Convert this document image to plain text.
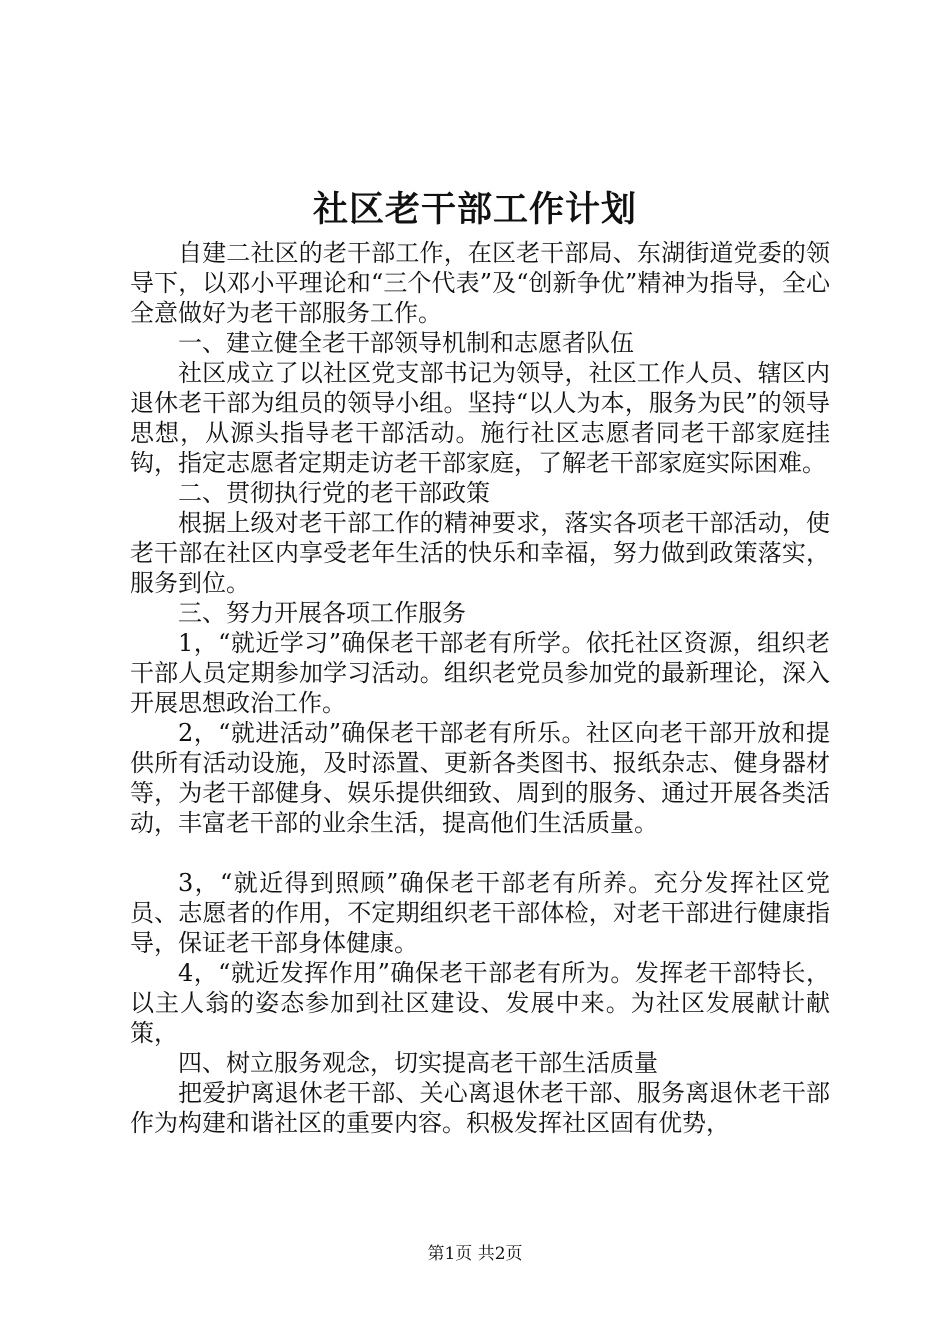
社区老干部工作计划

自建二社区的老干部工作，在区老干部局、东湖街道党委的领导下，以邓小平理论和“三个代表”及“创新争优”精神为指导，全心全意做好为老干部服务工作。

一、建立健全老干部领导机制和志愿者队伍

社区成立了以社区党支部书记为领导，社区工作人员、辖区内退休老干部为组员的领导小组。坚持“以人为本，服务为民”的领导思想，从源头指导老干部活动。施行社区志愿者同老干部家庭挂钩，指定志愿者定期走访老干部家庭，了解老干部家庭实际困难。

二、贯彻执行党的老干部政策

根据上级对老干部工作的精神要求，落实各项老干部活动，使老干部在社区内享受老年生活的快乐和幸福，努力做到政策落实，服务到位。

三、努力开展各项工作服务

1，“就近学习”确保老干部老有所学。依托社区资源，组织老干部人员定期参加学习活动。组织老党员参加党的最新理论，深入开展思想政治工作。

2，“就进活动”确保老干部老有所乐。社区向老干部开放和提供所有活动设施，及时添置、更新各类图书、报纸杂志、健身器材等，为老干部健身、娱乐提供细致、周到的服务、通过开展各类活动，丰富老干部的业余生活，提高他们生活质量。

3，“就近得到照顾”确保老干部老有所养。充分发挥社区党员、志愿者的作用，不定期组织老干部体检，对老干部进行健康指导，保证老干部身体健康。

4，“就近发挥作用”确保老干部老有所为。发挥老干部特长，以主人翁的姿态参加到社区建设、发展中来。为社区发展献计献策，

四、树立服务观念，切实提高老干部生活质量

把爱护离退休老干部、关心离退休老干部、服务离退休老干部作为构建和谐社区的重要内容。积极发挥社区固有优势，

第1页 共2页
